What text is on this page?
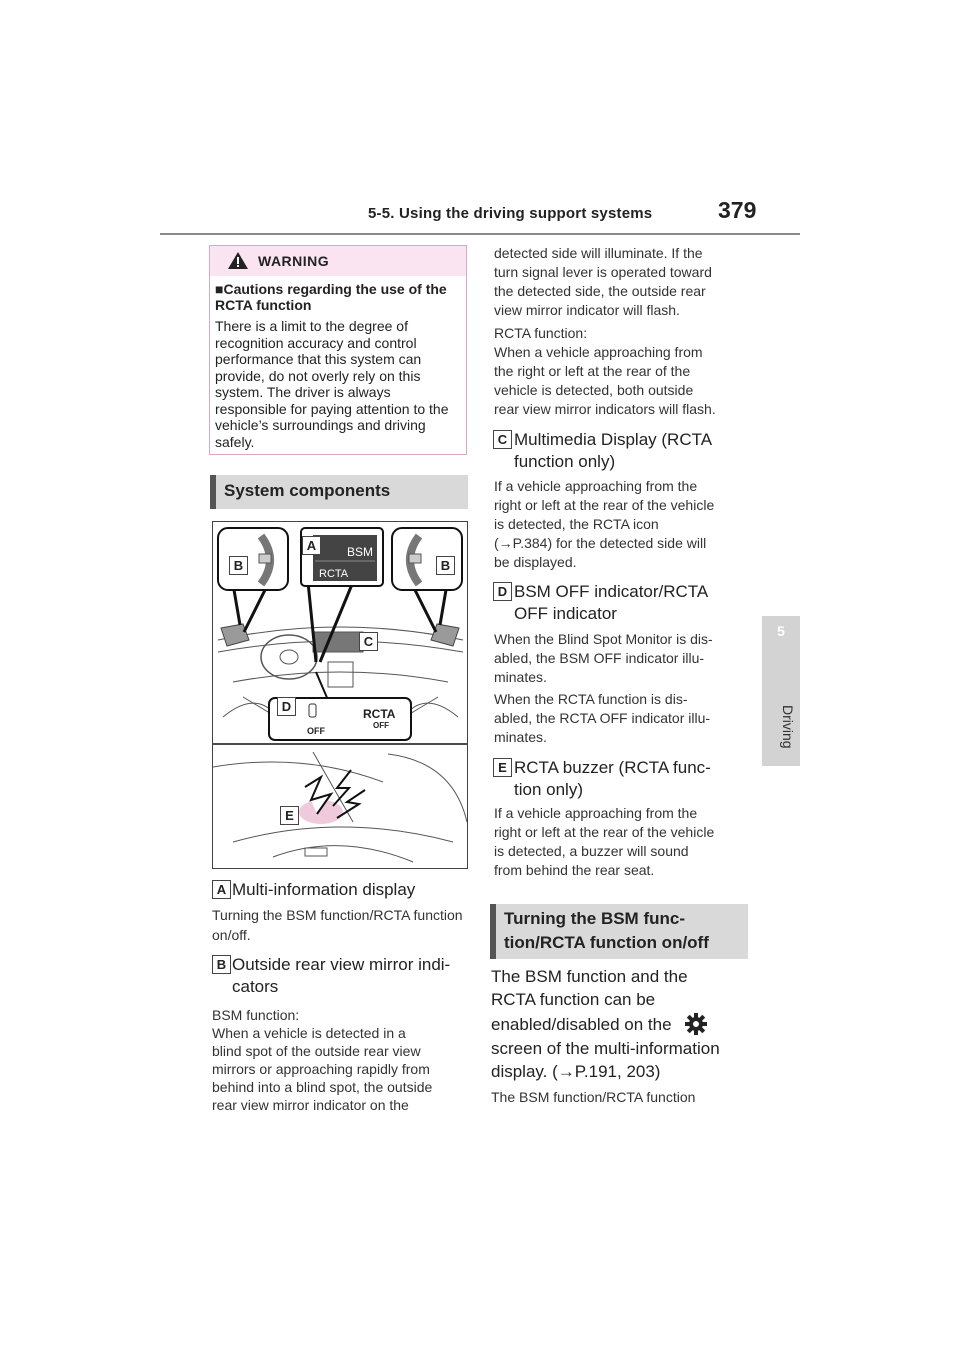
5-5. Using the driving support systems	379
5
Driving
WARNING
■Cautions regarding the use of the RCTA function
There is a limit to the degree of recognition accuracy and control performance that this system can provide, do not overly rely on this system. The driver is always responsible for paying attention to the vehicle’s surroundings and driving safely.
System components
BSM
RCTA
OFF
RCTA
OFF
B	B
A
C
D
E
A Multi-information display
Turning the BSM function/RCTA function on/off.
B Outside rear view mirror indi-
cators
BSM function:
When a vehicle is detected in a
blind spot of the outside rear view
mirrors or approaching rapidly from
behind into a blind spot, the outside
rear view mirror indicator on the
detected side will illuminate. If the
turn signal lever is operated toward
the detected side, the outside rear
view mirror indicator will flash.
RCTA function:
When a vehicle approaching from
the right or left at the rear of the
vehicle is detected, both outside
rear view mirror indicators will flash.
C Multimedia Display (RCTA
function only)
If a vehicle approaching from the
right or left at the rear of the vehicle
is detected, the RCTA icon
(→P.384) for the detected side will
be displayed.
D BSM OFF indicator/RCTA
OFF indicator
When the Blind Spot Monitor is dis-
abled, the BSM OFF indicator illu-
minates.
When the RCTA function is dis-
abled, the RCTA OFF indicator illu-
minates.
E RCTA buzzer (RCTA func-
tion only)
If a vehicle approaching from the
right or left at the rear of the vehicle
is detected, a buzzer will sound
from behind the rear seat.
Turning the BSM func-
tion/RCTA function on/off
The BSM function and the
RCTA function can be
enabled/disabled on the
screen of the multi-information
display. (→P.191, 203)
The BSM function/RCTA function
